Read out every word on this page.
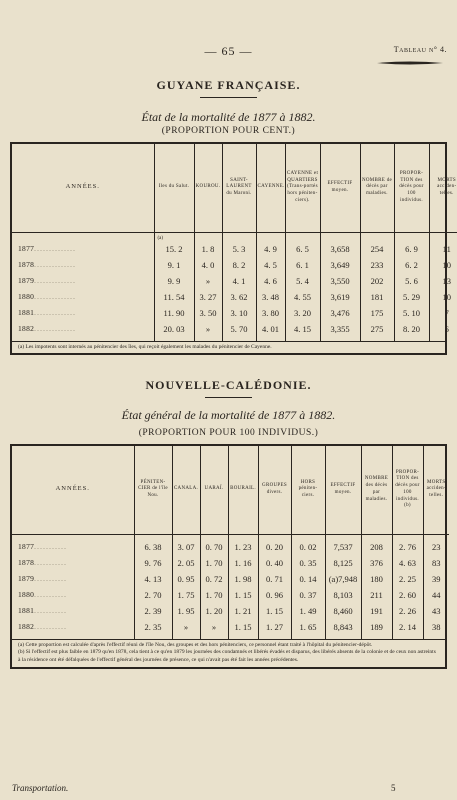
— 65 —	Tableau n° 4.
GUYANE FRANÇAISE.
État de la mortalité de 1877 à 1882.
(PROPORTION POUR CENT.)
ANNÉES.	Iles du Salut.	KOUROU.	SAINT-LAURENT du Maroni.	CAYENNE.	CAYENNE et QUARTIERS (Trans-portés hors péniten-ciers).	EFFECTIF moyen.	NOMBRE de décès par maladies.	PROPOR-TION des décès pour 100 individus.	MORTS acciden-telles.
	(a)								
1877..............	15. 2	1. 8	5. 3	4. 9	6. 5	3,658	254	6. 9	11
1878..............	9. 1	4. 0	8. 2	4. 5	6. 1	3,649	233	6. 2	10
1879..............	9. 9	»	4. 1	4. 6	5. 4	3,550	202	5. 6	13
1880..............	11. 54	3. 27	3. 62	3. 48	4. 55	3,619	181	5. 29	10
1881..............	11. 90	3. 50	3. 10	3. 80	3. 20	3,476	175	5. 10	7
1882..............	20. 03	»	5. 70	4. 01	4. 15	3,355	275	8. 20	6

(a) Les impotents sont internés au pénitencier des îles, qui reçoit également les malades du pénitencier de Cayenne.
NOUVELLE-CALÉDONIE.
État général de la mortalité de 1877 à 1882.
(PROPORTION POUR 100 INDIVIDUS.)
ANNÉES.	PÉNITEN-CIER de l'île Nou.	CANALA.	UARAÏ.	BOURAIL.	GROUPES divers.	HORS péniten-ciers.	EFFECTIF moyen.	NOMBRE des décès par maladies.	PROPOR-TION des décès pour 100 individus. (b)	MORTS acciden-telles.

1877...........	6. 38	3. 07	0. 70	1. 23	0. 20	0. 02	7,537	208	2. 76	23
1878...........	9. 76	2. 05	1. 70	1. 16	0. 40	0. 35	8,125	376	4. 63	83
1879...........	4. 13	0. 95	0. 72	1. 98	0. 71	0. 14	(a)7,948	180	2. 25	39
1880...........	2. 70	1. 75	1. 70	1. 15	0. 96	0. 37	8,103	211	2. 60	44
1881...........	2. 39	1. 95	1. 20	1. 21	1. 15	1. 49	8,460	191	2. 26	43
1882...........	2. 35	»	»	1. 15	1. 27	1. 65	8,843	189	2. 14	38

(a) Cette proportion est calculée d'après l'effectif réuni de l'île Nou, des groupes et des hors pénitenciers, ce personnel étant traité à l'hôpital du pénitencier-dépôt.
(b) Si l'effectif est plus faible en 1879 qu'en 1878, cela tient à ce qu'en 1879 les journées des condamnés et libérés évadés et disparus, des libérés absents de la colonie et de ceux non astreints à la résidence ont été défalquées de l'effectif général des journées de présence, ce qui n'avait pas été fait les années précédentes.
Transportation.	5
